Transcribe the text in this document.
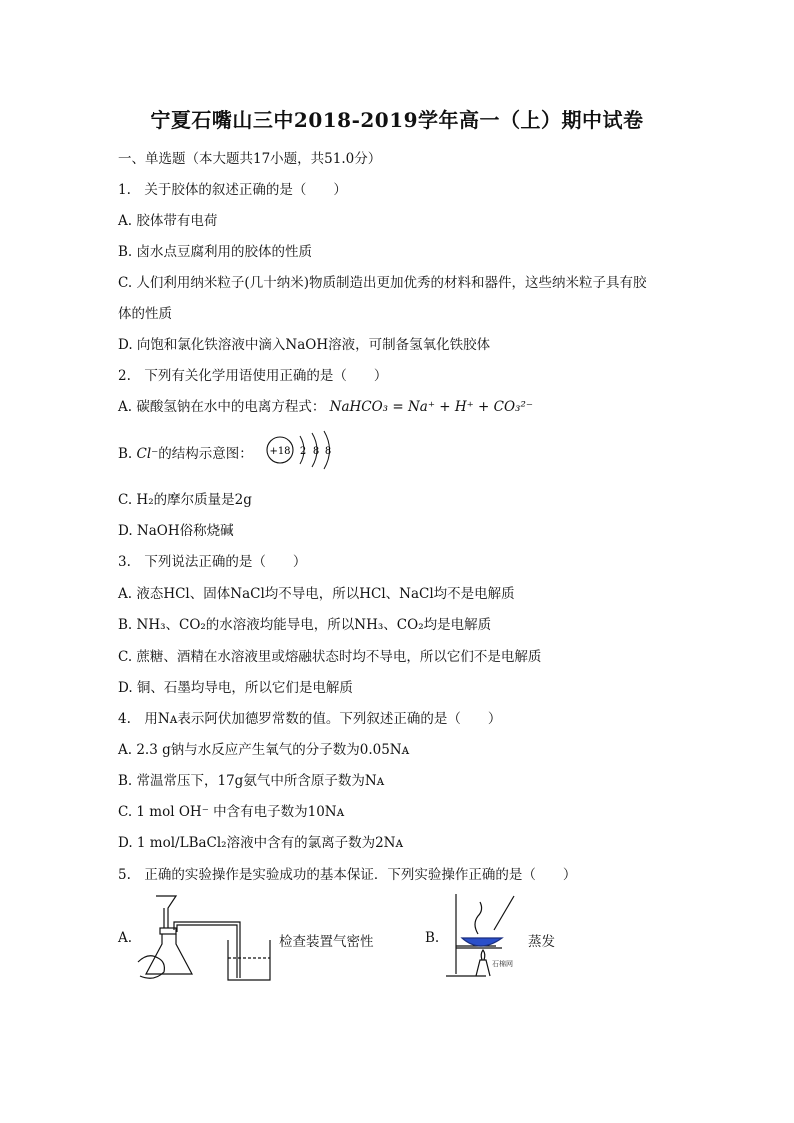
宁夏石嘴山三中2018-2019学年高一（上）期中试卷
一、单选题（本大题共17小题，共51.0分）
1.　关于胶体的叙述正确的是（　　）
A. 胶体带有电荷
B. 卤水点豆腐利用的胶体的性质
C. 人们利用纳米粒子(几十纳米)物质制造出更加优秀的材料和器件，这些纳米粒子具有胶
体的性质
D. 向饱和氯化铁溶液中滴入NaOH溶液，可制备氢氧化铁胶体
2.　下列有关化学用语使用正确的是（　　）
A. 碳酸氢钠在水中的电离方程式： NaHCO₃ = Na⁺ + H⁺ + CO₃²⁻
B. Cl⁻的结构示意图： +18 2 8 8
C. H₂的摩尔质量是2g
D. NaOH俗称烧碱
3.　下列说法正确的是（　　）
A. 液态HCl、固体NaCl均不导电，所以HCl、NaCl均不是电解质
B. NH₃、CO₂的水溶液均能导电，所以NH₃、CO₂均是电解质
C. 蔗糖、酒精在水溶液里或熔融状态时均不导电，所以它们不是电解质
D. 铜、石墨均导电，所以它们是电解质
4.　用Nᴀ表示阿伏加德罗常数的值。下列叙述正确的是（　　）
A. 2.3 g钠与水反应产生氧气的分子数为0.05Nᴀ
B. 常温常压下，17g氨气中所含原子数为Nᴀ
C. 1 mol OH⁻ 中含有电子数为10Nᴀ
D. 1 mol/LBaCl₂溶液中含有的氯离子数为2Nᴀ
5.　正确的实验操作是实验成功的基本保证．下列实验操作正确的是（　　）
A.	检查装置气密性	B.
石棉网
蒸发
